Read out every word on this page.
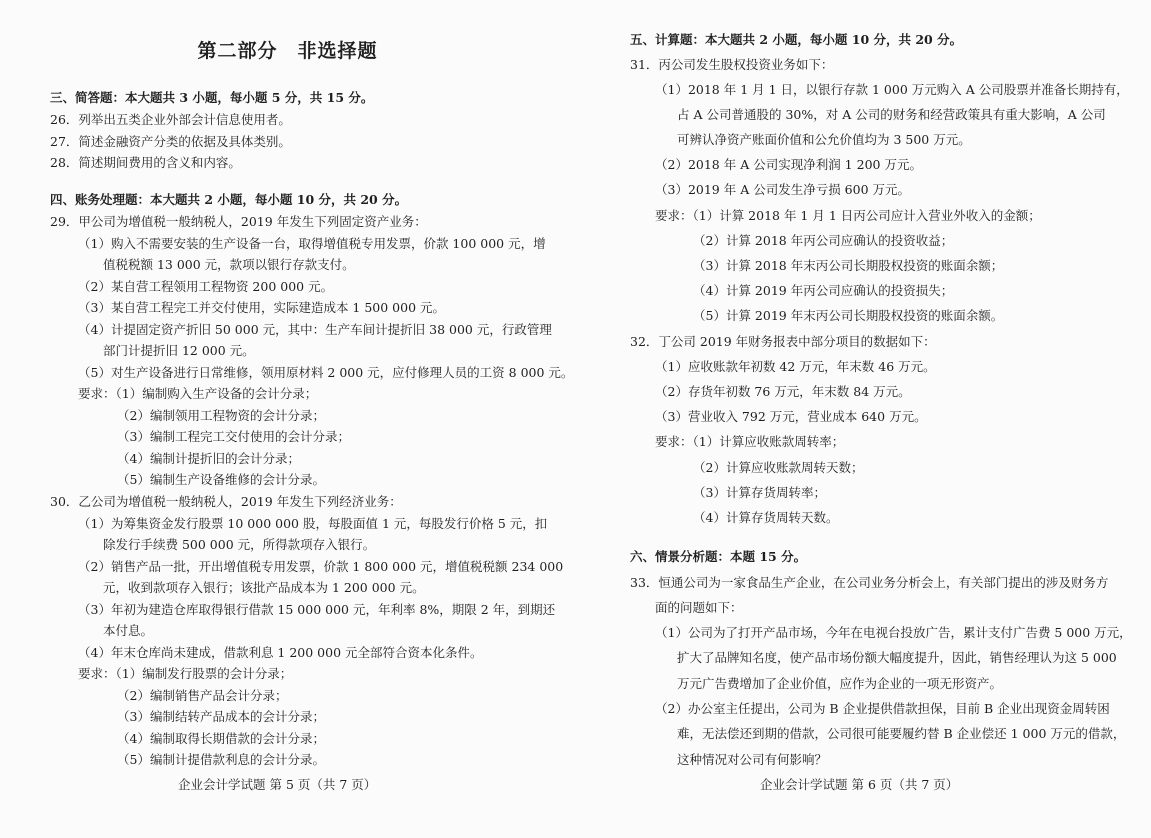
第二部分　非选择题
三、简答题：本大题共 3 小题，每小题 5 分，共 15 分。
26．列举出五类企业外部会计信息使用者。
27．简述金融资产分类的依据及具体类别。
28．简述期间费用的含义和内容。
四、账务处理题：本大题共 2 小题，每小题 10 分，共 20 分。
29．甲公司为增值税一般纳税人，2019 年发生下列固定资产业务：
（1）购入不需要安装的生产设备一台，取得增值税专用发票，价款 100 000 元，增
值税税额 13 000 元，款项以银行存款支付。
（2）某自营工程领用工程物资 200 000 元。
（3）某自营工程完工并交付使用，实际建造成本 1 500 000 元。
（4）计提固定资产折旧 50 000 元，其中：生产车间计提折旧 38 000 元，行政管理
部门计提折旧 12 000 元。
（5）对生产设备进行日常维修，领用原材料 2 000 元，应付修理人员的工资 8 000 元。
要求：（1）编制购入生产设备的会计分录；
（2）编制领用工程物资的会计分录；
（3）编制工程完工交付使用的会计分录；
（4）编制计提折旧的会计分录；
（5）编制生产设备维修的会计分录。
30．乙公司为增值税一般纳税人，2019 年发生下列经济业务：
（1）为筹集资金发行股票 10 000 000 股，每股面值 1 元，每股发行价格 5 元，扣
除发行手续费 500 000 元，所得款项存入银行。
（2）销售产品一批，开出增值税专用发票，价款 1 800 000 元，增值税税额 234 000
元，收到款项存入银行；该批产品成本为 1 200 000 元。
（3）年初为建造仓库取得银行借款 15 000 000 元，年利率 8%，期限 2 年，到期还
本付息。
（4）年末仓库尚未建成，借款利息 1 200 000 元全部符合资本化条件。
要求：（1）编制发行股票的会计分录；
（2）编制销售产品会计分录；
（3）编制结转产品成本的会计分录；
（4）编制取得长期借款的会计分录；
（5）编制计提借款利息的会计分录。
企业会计学试题 第 5 页（共 7 页）
五、计算题：本大题共 2 小题，每小题 10 分，共 20 分。
31．丙公司发生股权投资业务如下：
（1）2018 年 1 月 1 日，以银行存款 1 000 万元购入 A 公司股票并准备长期持有，
占 A 公司普通股的 30%，对 A 公司的财务和经营政策具有重大影响，A 公司
可辨认净资产账面价值和公允价值均为 3 500 万元。
（2）2018 年 A 公司实现净利润 1 200 万元。
（3）2019 年 A 公司发生净亏损 600 万元。
要求：（1）计算 2018 年 1 月 1 日丙公司应计入营业外收入的金额；
（2）计算 2018 年丙公司应确认的投资收益；
（3）计算 2018 年末丙公司长期股权投资的账面余额；
（4）计算 2019 年丙公司应确认的投资损失；
（5）计算 2019 年末丙公司长期股权投资的账面余额。
32．丁公司 2019 年财务报表中部分项目的数据如下：
（1）应收账款年初数 42 万元，年末数 46 万元。
（2）存货年初数 76 万元，年末数 84 万元。
（3）营业收入 792 万元，营业成本 640 万元。
要求：（1）计算应收账款周转率；
（2）计算应收账款周转天数；
（3）计算存货周转率；
（4）计算存货周转天数。
六、情景分析题：本题 15 分。
33．恒通公司为一家食品生产企业，在公司业务分析会上，有关部门提出的涉及财务方
面的问题如下：
（1）公司为了打开产品市场，今年在电视台投放广告，累计支付广告费 5 000 万元，
扩大了品牌知名度，使产品市场份额大幅度提升，因此，销售经理认为这 5 000
万元广告费增加了企业价值，应作为企业的一项无形资产。
（2）办公室主任提出，公司为 B 企业提供借款担保，目前 B 企业出现资金周转困
难，无法偿还到期的借款，公司很可能要履约替 B 企业偿还 1 000 万元的借款，
这种情况对公司有何影响？
企业会计学试题 第 6 页（共 7 页）
